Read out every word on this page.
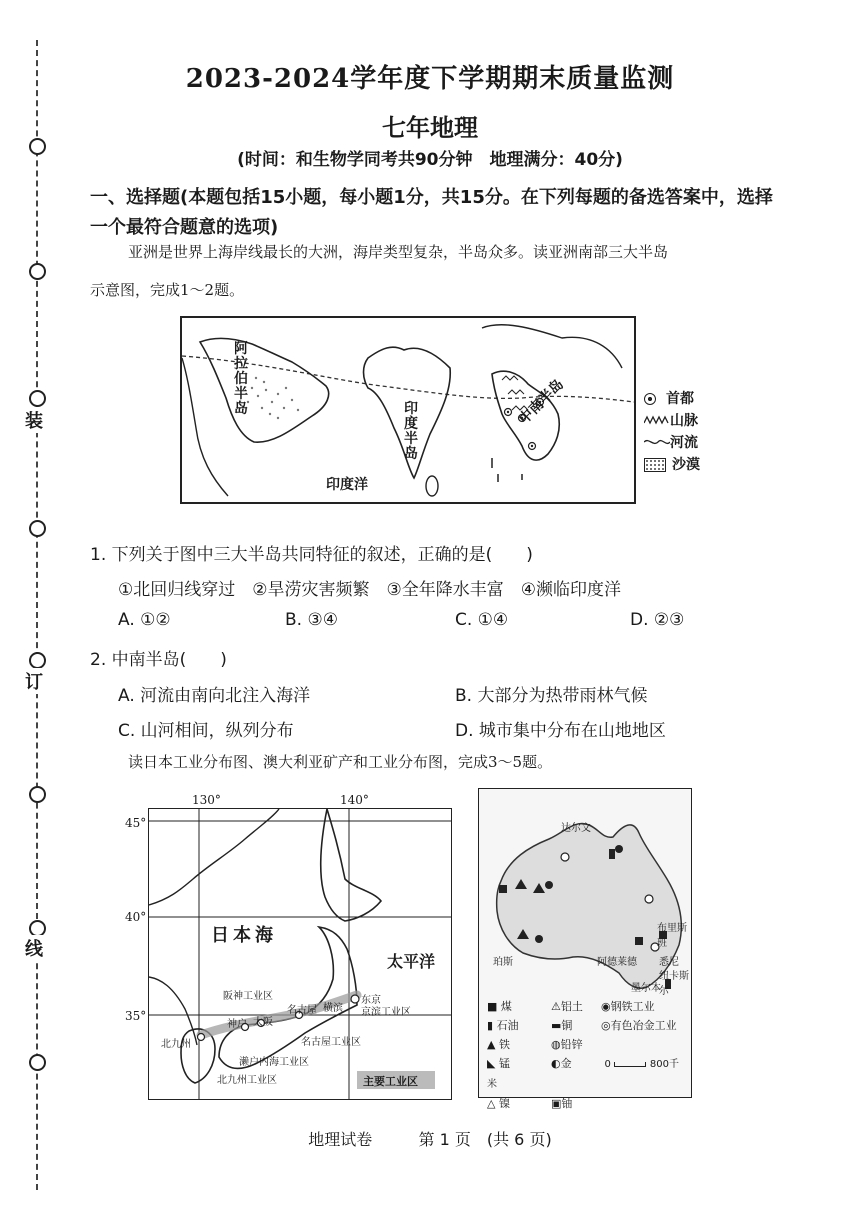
装
订
线
2023-2024学年度下学期期末质量监测
七年地理
(时间：和生物学同考共90分钟　地理满分：40分)
一、选择题(本题包括15小题，每小题1分，共15分。在下列每题的备选答案中，选择一个最符合题意的选项)
亚洲是世界上海岸线最长的大洲，海岸类型复杂，半岛众多。读亚洲南部三大半岛
示意图，完成1～2题。
阿拉伯半岛	印度半岛
中南半岛
印度洋
首都
山脉
河流
沙漠
1. 下列关于图中三大半岛共同特征的叙述，正确的是(　　)
①北回归线穿过　②旱涝灾害频繁　③全年降水丰富　④濒临印度洋
A. ①②	B. ③④	C. ①④	D. ②③
2. 中南半岛(　　)
A. 河流由南向北注入海洋	B. 大部分为热带雨林气候
C. 山河相间，纵列分布	D. 城市集中分布在山地地区
读日本工业分布图、澳大利亚矿产和工业分布图，完成3～5题。
130°	140°
45°
40°
35°
日本海
太平洋
阪神工业区
名古屋 横滨
东京
京滨工业区
神户 大阪
名古屋工业区
濑户内海工业区
北九州
北九州工业区	主要工业区
达尔文
珀斯	悉尼
布里斯班
阿德莱德
墨尔本
纽卡斯尔
■ 煤	⚠铝土 ◉钢铁工业
▮ 石油	▬铜	◎有色冶金工业
▲ 铁	◍铅锌
◣ 锰	◐金	0	800千米
△ 镍	▣铀
地理试卷	第 1 页　(共 6 页)
